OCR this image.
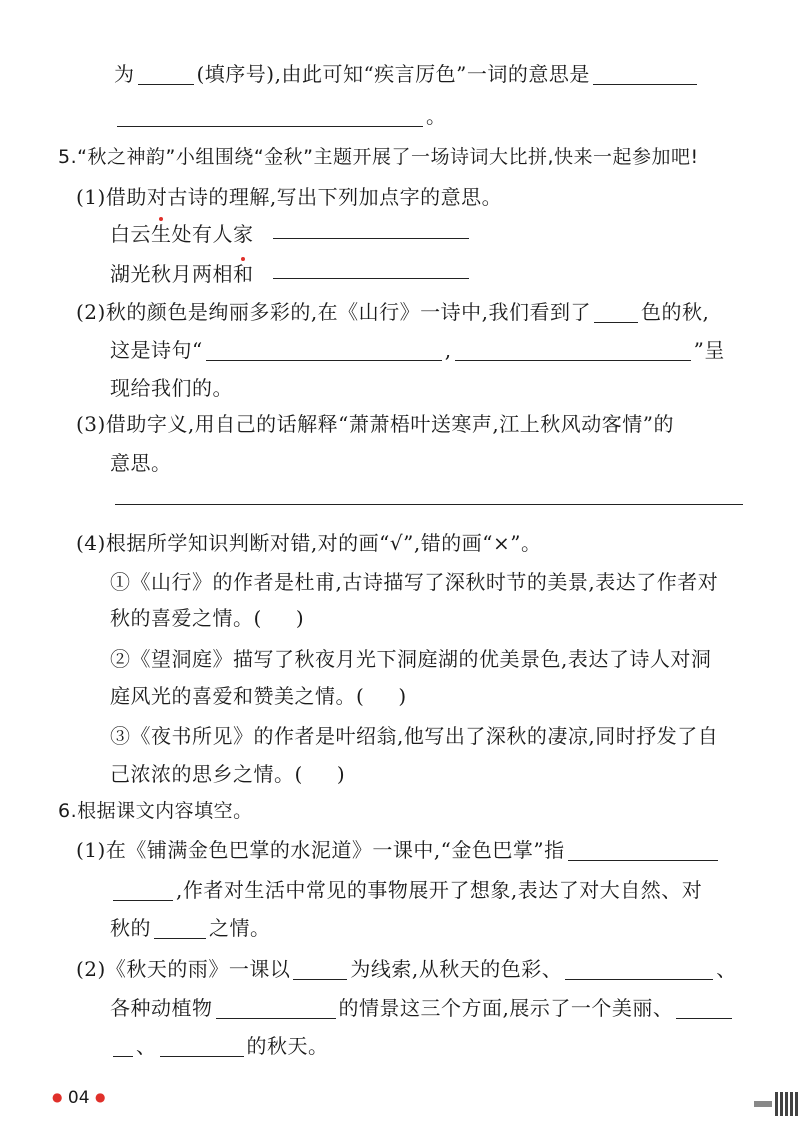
为	(填序号),由此可知“疾言厉色”一词的意思是
。
5.“秋之神韵”小组围绕“金秋”主题开展了一场诗词大比拼,快来一起参加吧!
(1)借助对古诗的理解,写出下列加点字的意思。
白云生处有人家
湖光秋月两相和
(2)秋的颜色是绚丽多彩的,在《山行》一诗中,我们看到了	色的秋,
这是诗句“	,	”呈
现给我们的。
(3)借助字义,用自己的话解释“萧萧梧叶送寒声,江上秋风动客情”的
意思。
(4)根据所学知识判断对错,对的画“√”,错的画“×”。
①《山行》的作者是杜甫,古诗描写了深秋时节的美景,表达了作者对
秋的喜爱之情。( )
②《望洞庭》描写了秋夜月光下洞庭湖的优美景色,表达了诗人对洞
庭风光的喜爱和赞美之情。( )
③《夜书所见》的作者是叶绍翁,他写出了深秋的凄凉,同时抒发了自
己浓浓的思乡之情。( )
6.根据课文内容填空。
(1)在《铺满金色巴掌的水泥道》一课中,“金色巴掌”指
,作者对生活中常见的事物展开了想象,表达了对大自然、对
秋的	之情。
(2)《秋天的雨》一课以	为线索,从秋天的色彩、	、
各种动植物	的情景这三个方面,展示了一个美丽、
、	的秋天。
● 04 ●
